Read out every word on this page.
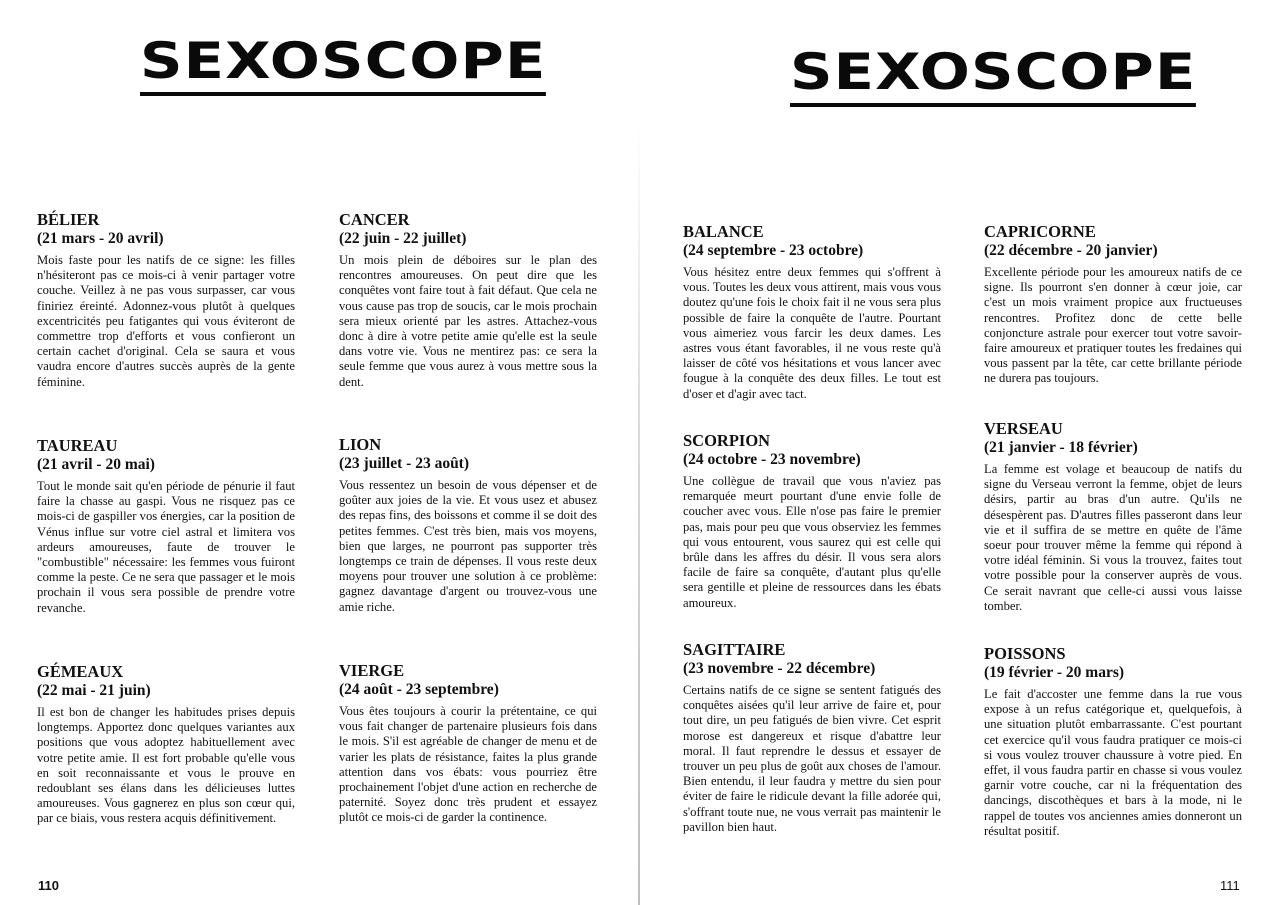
SEXOSCOPE
BÉLIER
(21 mars - 20 avril)

Mois faste pour les natifs de ce signe: les filles n'hésiteront pas ce mois-ci à venir partager votre couche. Veillez à ne pas vous surpasser, car vous finiriez éreinté. Adonnez-vous plutôt à quelques excentricités peu fatigantes qui vous éviteront de commettre trop d'efforts et vous confieront un certain cachet d'original. Cela se saura et vous vaudra encore d'autres succès auprès de la gente féminine.

TAUREAU
(21 avril - 20 mai)

Tout le monde sait qu'en période de pénurie il faut faire la chasse au gaspi. Vous ne risquez pas ce mois-ci de gaspiller vos énergies, car la position de Vénus influe sur votre ciel astral et limitera vos ardeurs amoureuses, faute de trouver le "combustible" nécessaire: les femmes vous fuiront comme la peste. Ce ne sera que passager et le mois prochain il vous sera possible de prendre votre revanche.

GÉMEAUX
(22 mai - 21 juin)

Il est bon de changer les habitudes prises depuis longtemps. Apportez donc quelques variantes aux positions que vous adoptez habituellement avec votre petite amie. Il est fort probable qu'elle vous en soit reconnaissante et vous le prouve en redoublant ses élans dans les délicieuses luttes amoureuses. Vous gagnerez en plus son cœur qui, par ce biais, vous restera acquis définitivement.

CANCER
(22 juin - 22 juillet)

Un mois plein de déboires sur le plan des rencontres amoureuses. On peut dire que les conquêtes vont faire tout à fait défaut. Que cela ne vous cause pas trop de soucis, car le mois prochain sera mieux orienté par les astres. Attachez-vous donc à dire à votre petite amie qu'elle est la seule dans votre vie. Vous ne mentirez pas: ce sera la seule femme que vous aurez à vous mettre sous la dent.

LION
(23 juillet - 23 août)

Vous ressentez un besoin de vous dépenser et de goûter aux joies de la vie. Et vous usez et abusez des repas fins, des boissons et comme il se doit des petites femmes. C'est très bien, mais vos moyens, bien que larges, ne pourront pas supporter très longtemps ce train de dépenses. Il vous reste deux moyens pour trouver une solution à ce problème: gagnez davantage d'argent ou trouvez-vous une amie riche.

VIERGE
(24 août - 23 septembre)

Vous êtes toujours à courir la prétentaine, ce qui vous fait changer de partenaire plusieurs fois dans le mois. S'il est agréable de changer de menu et de varier les plats de résistance, faites la plus grande attention dans vos ébats: vous pourriez être prochainement l'objet d'une action en recherche de paternité. Soyez donc très prudent et essayez plutôt ce mois-ci de garder la continence.

110
SEXOSCOPE
BALANCE
(24 septembre - 23 octobre)

Vous hésitez entre deux femmes qui s'offrent à vous. Toutes les deux vous attirent, mais vous vous doutez qu'une fois le choix fait il ne vous sera plus possible de faire la conquête de l'autre. Pourtant vous aimeriez vous farcir les deux dames. Les astres vous étant favorables, il ne vous reste qu'à laisser de côté vos hésitations et vous lancer avec fougue à la conquête des deux filles. Le tout est d'oser et d'agir avec tact.

SCORPION
(24 octobre - 23 novembre)

Une collègue de travail que vous n'aviez pas remarquée meurt pourtant d'une envie folle de coucher avec vous. Elle n'ose pas faire le premier pas, mais pour peu que vous observiez les femmes qui vous entourent, vous saurez qui est celle qui brûle dans les affres du désir. Il vous sera alors facile de faire sa conquête, d'autant plus qu'elle sera gentille et pleine de ressources dans les ébats amoureux.

SAGITTAIRE
(23 novembre - 22 décembre)

Certains natifs de ce signe se sentent fatigués des conquêtes aisées qu'il leur arrive de faire et, pour tout dire, un peu fatigués de bien vivre. Cet esprit morose est dangereux et risque d'abattre leur moral. Il faut reprendre le dessus et essayer de trouver un peu plus de goût aux choses de l'amour. Bien entendu, il leur faudra y mettre du sien pour éviter de faire le ridicule devant la fille adorée qui, s'offrant toute nue, ne vous verrait pas maintenir le pavillon bien haut.

CAPRICORNE
(22 décembre - 20 janvier)

Excellente période pour les amoureux natifs de ce signe. Ils pourront s'en donner à cœur joie, car c'est un mois vraiment propice aux fructueuses rencontres. Profitez donc de cette belle conjoncture astrale pour exercer tout votre savoir-faire amoureux et pratiquer toutes les fredaines qui vous passent par la tête, car cette brillante période ne durera pas toujours.

VERSEAU
(21 janvier - 18 février)

La femme est volage et beaucoup de natifs du signe du Verseau verront la femme, objet de leurs désirs, partir au bras d'un autre. Qu'ils ne désespèrent pas. D'autres filles passeront dans leur vie et il suffira de se mettre en quête de l'âme soeur pour trouver même la femme qui répond à votre idéal féminin. Si vous la trouvez, faites tout votre possible pour la conserver auprès de vous. Ce serait navrant que celle-ci aussi vous laisse tomber.

POISSONS
(19 février - 20 mars)

Le fait d'accoster une femme dans la rue vous expose à un refus catégorique et, quelquefois, à une situation plutôt embarrassante. C'est pourtant cet exercice qu'il vous faudra pratiquer ce mois-ci si vous voulez trouver chaussure à votre pied. En effet, il vous faudra partir en chasse si vous voulez garnir votre couche, car ni la fréquentation des dancings, discothèques et bars à la mode, ni le rappel de toutes vos anciennes amies donneront un résultat positif.

111
